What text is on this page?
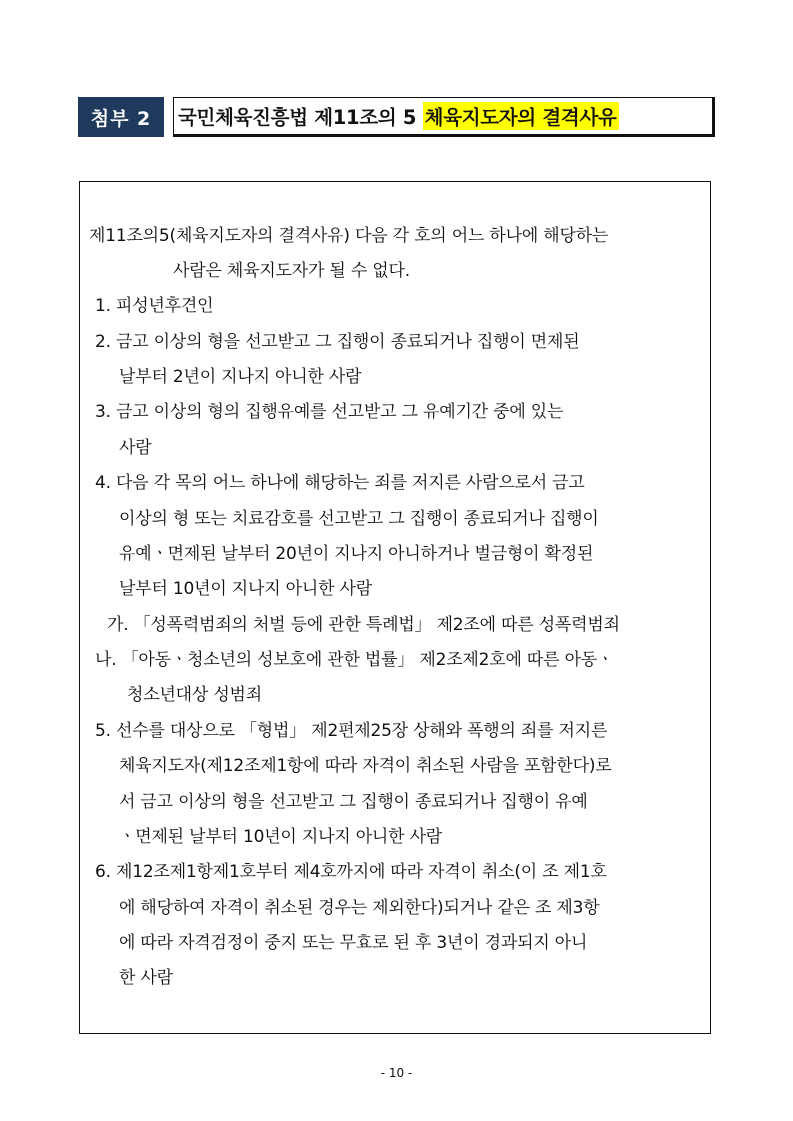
첨부 2	국민체육진흥법 제11조의 5 체육지도자의 결격사유
제11조의5(체육지도자의 결격사유) 다음 각 호의 어느 하나에 해당하는
사람은 체육지도자가 될 수 없다.
1. 피성년후견인
2. 금고 이상의 형을 선고받고 그 집행이 종료되거나 집행이 면제된
날부터 2년이 지나지 아니한 사람
3. 금고 이상의 형의 집행유예를 선고받고 그 유예기간 중에 있는
사람
4. 다음 각 목의 어느 하나에 해당하는 죄를 저지른 사람으로서 금고
이상의 형 또는 치료감호를 선고받고 그 집행이 종료되거나 집행이
유예ㆍ면제된 날부터 20년이 지나지 아니하거나 벌금형이 확정된
날부터 10년이 지나지 아니한 사람
가. 「성폭력범죄의 처벌 등에 관한 특례법」 제2조에 따른 성폭력범죄
나. 「아동ㆍ청소년의 성보호에 관한 법률」 제2조제2호에 따른 아동ㆍ
청소년대상 성범죄
5. 선수를 대상으로 「형법」 제2편제25장 상해와 폭행의 죄를 저지른
체육지도자(제12조제1항에 따라 자격이 취소된 사람을 포함한다)로
서 금고 이상의 형을 선고받고 그 집행이 종료되거나 집행이 유예
ㆍ면제된 날부터 10년이 지나지 아니한 사람
6. 제12조제1항제1호부터 제4호까지에 따라 자격이 취소(이 조 제1호
에 해당하여 자격이 취소된 경우는 제외한다)되거나 같은 조 제3항
에 따라 자격검정이 중지 또는 무효로 된 후 3년이 경과되지 아니
한 사람
- 10 -
